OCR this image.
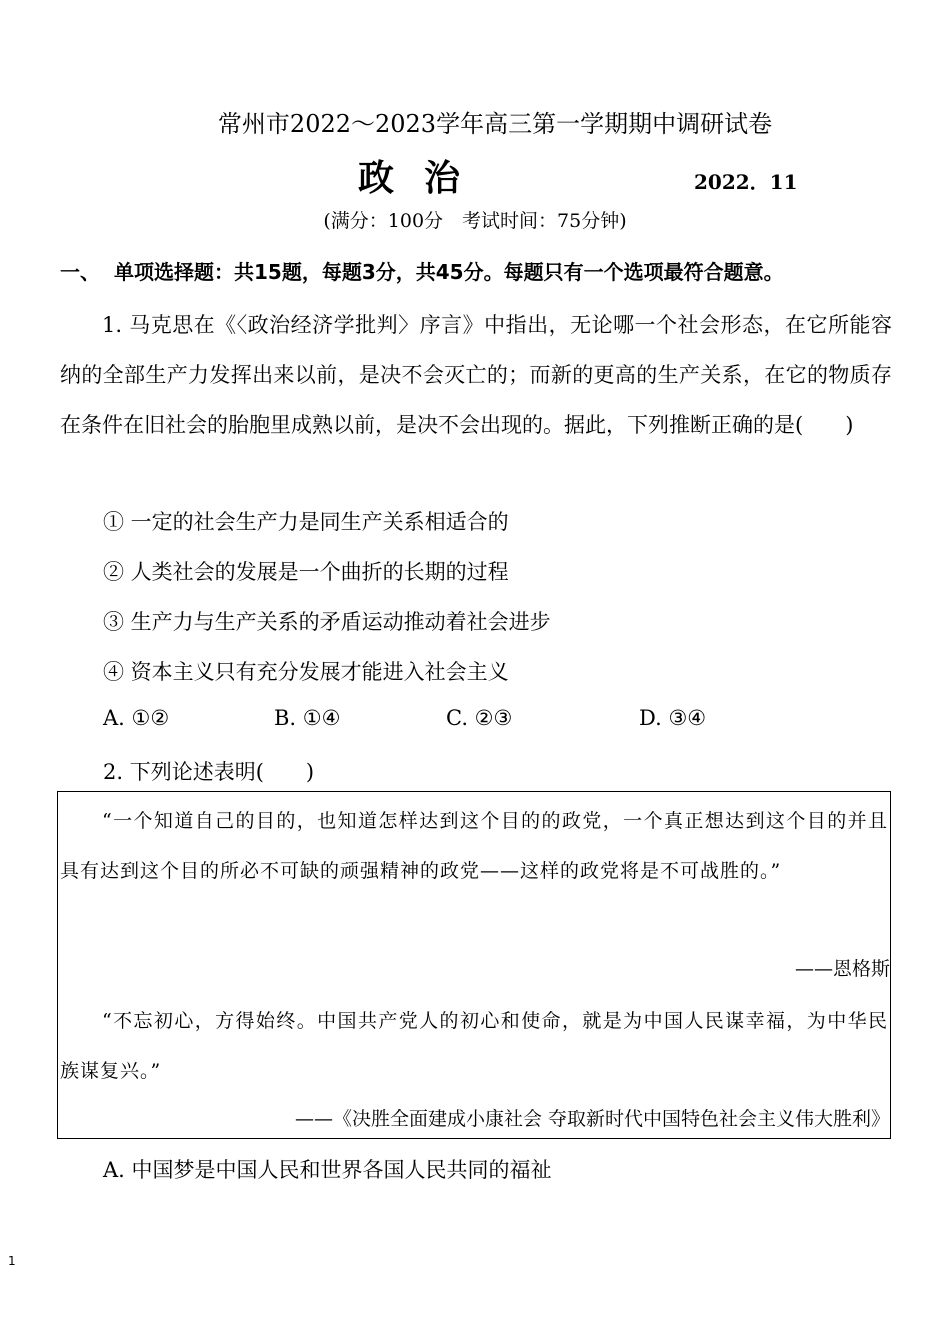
常州市2022～2023学年高三第一学期期中调研试卷
政治	2022．11
(满分：100分　考试时间：75分钟)
一、 单项选择题：共15题，每题3分，共45分。每题只有一个选项最符合题意。
1. 马克思在《〈政治经济学批判〉序言》中指出，无论哪一个社会形态，在它所能容纳的全部生产力发挥出来以前，是决不会灭亡的；而新的更高的生产关系，在它的物质存在条件在旧社会的胎胞里成熟以前，是决不会出现的。据此，下列推断正确的是(　　)
① 一定的社会生产力是同生产关系相适合的
② 人类社会的发展是一个曲折的长期的过程
③ 生产力与生产关系的矛盾运动推动着社会进步
④ 资本主义只有充分发展才能进入社会主义
A. ①②	B. ①④	C. ②③	D. ③④
2. 下列论述表明(　　)
“一个知道自己的目的，也知道怎样达到这个目的的政党，一个真正想达到这个目的并且具有达到这个目的所必不可缺的顽强精神的政党——这样的政党将是不可战胜的。”
——恩格斯
“不忘初心，方得始终。中国共产党人的初心和使命，就是为中国人民谋幸福，为中华民族谋复兴。”
——《决胜全面建成小康社会 夺取新时代中国特色社会主义伟大胜利》
A. 中国梦是中国人民和世界各国人民共同的福祉
1
